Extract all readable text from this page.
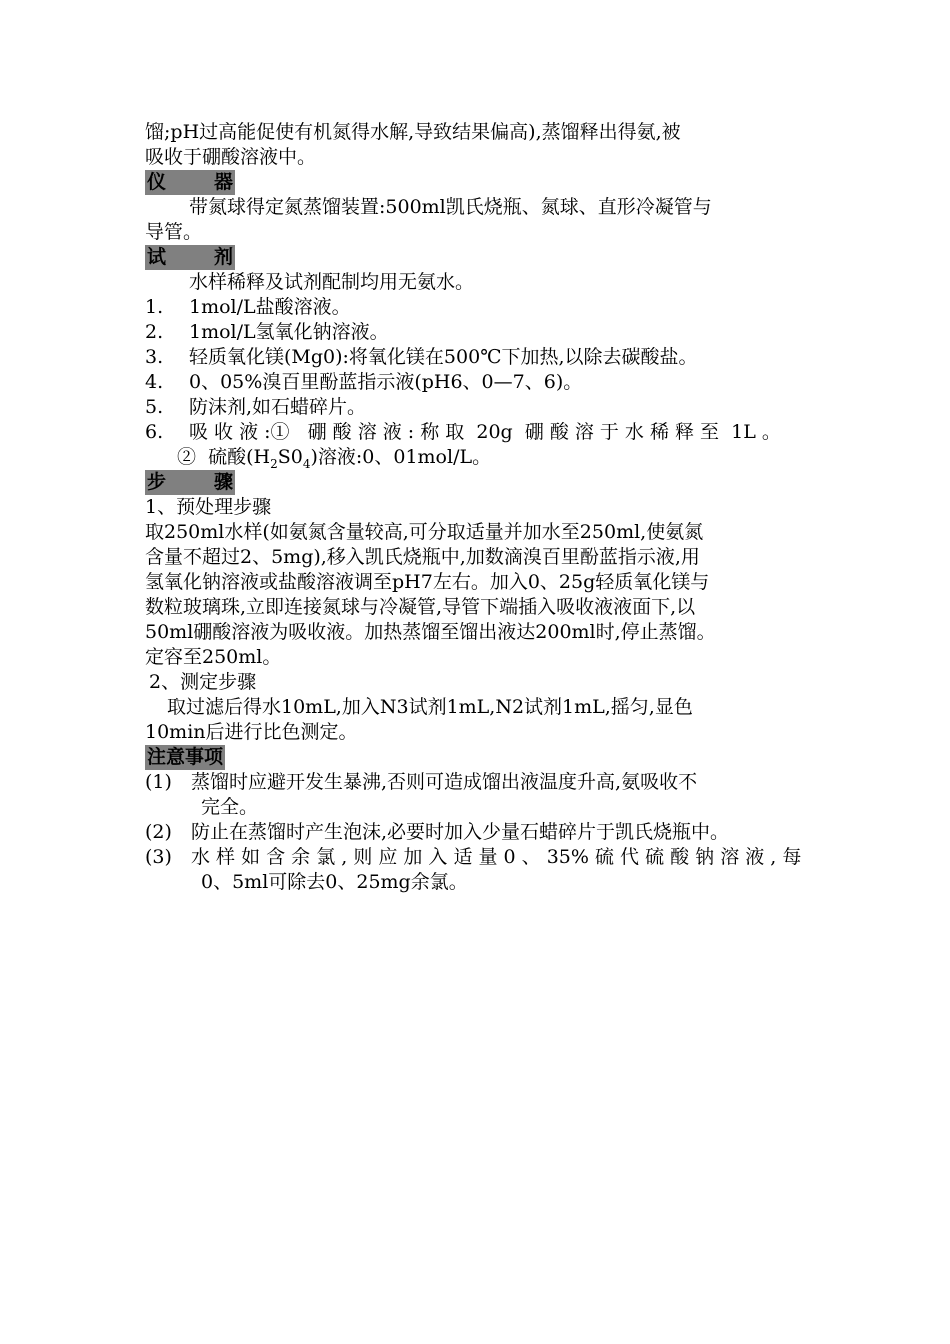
馏;pH过高能促使有机氮得水解,导致结果偏高),蒸馏释出得氨,被
吸收于硼酸溶液中。
仪	器
带氮球得定氮蒸馏装置:500ml凯氏烧瓶、氮球、直形冷凝管与
导管。
试	剂
水样稀释及试剂配制均用无氨水。
1.	1mol/L盐酸溶液。
2.	1mol/L氢氧化钠溶液。
3.	轻质氧化镁(Mg0):将氧化镁在500℃下加热,以除去碳酸盐。
4.	0、05%溴百里酚蓝指示液(pH6、0—7、6)。
5.	防沫剂,如石蜡碎片。
6.	吸 收 液 :①   硼 酸 溶 液 : 称 取  20g  硼 酸 溶 于 水 稀 释 至  1L 。
②  硫酸$(H_2S0_4)$溶液:0、01mol/L。
步	骤
1、预处理步骤
取250ml水样(如氨氮含量较高,可分取适量并加水至250ml,使氨氮
含量不超过2、5mg),移入凯氏烧瓶中,加数滴溴百里酚蓝指示液,用
氢氧化钠溶液或盐酸溶液调至pH7左右。加入0、25g轻质氧化镁与
数粒玻璃珠,立即连接氮球与冷凝管,导管下端插入吸收液液面下,以
50ml硼酸溶液为吸收液。加热蒸馏至馏出液达200ml时,停止蒸馏。
定容至250ml。
2、测定步骤
取过滤后得水10mL,加入N3试剂1mL,N2试剂1mL,摇匀,显色
10min后进行比色测定。
注意事项
(1)	蒸馏时应避开发生暴沸,否则可造成馏出液温度升高,氨吸收不
完全。
(2)	防止在蒸馏时产生泡沫,必要时加入少量石蜡碎片于凯氏烧瓶中。
(3)	水 样 如 含 余 氯 , 则 应 加 入 适 量 0 、 35% 硫 代 硫 酸 钠 溶 液 , 每
0、5ml可除去0、25mg余氯。
